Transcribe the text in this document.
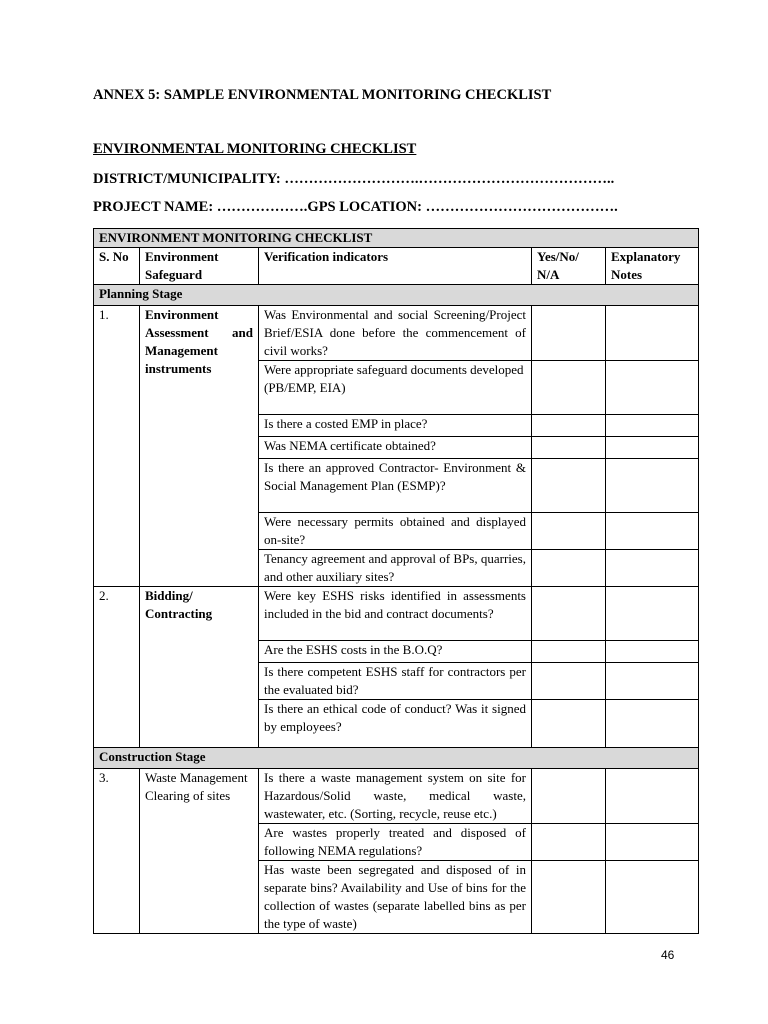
ANNEX 5: SAMPLE ENVIRONMENTAL MONITORING CHECKLIST
ENVIRONMENTAL MONITORING CHECKLIST
DISTRICT/MUNICIPALITY: ……………………….…………………………………..
PROJECT NAME: ……………….GPS LOCATION: ………………………………….
ENVIRONMENT MONITORING CHECKLIST				
S. No	Environment Safeguard	Verification indicators	Yes/No/ N/A	Explanatory Notes
Planning Stage				
1.	Environment Assessment and Management instruments	Was Environmental and social Screening/Project Brief/ESIA done before the commencement of civil works?		

		Were appropriate safeguard documents developed
(PB/EMP, EIA)		

		Is there a costed EMP in place?		
		Was NEMA certificate obtained?		
		Is there an approved Contractor- Environment & Social Management Plan (ESMP)?		
		Were necessary permits obtained and displayed on-site?		
		Tenancy agreement and approval of BPs, quarries, and other auxiliary sites?		
2.	Bidding/ Contracting	Were key ESHS risks identified in assessments included in the bid and contract documents?		
		Are the ESHS costs in the B.O.Q?		
		Is there competent ESHS staff for contractors per the evaluated bid?		
		Is there an ethical code of conduct? Was it signed by employees?		
Construction Stage				
3.	Waste Management Clearing of sites	Is there a waste management system on site for Hazardous/Solid waste, medical waste, wastewater, etc. (Sorting, recycle, reuse etc.)		
		Are wastes properly treated and disposed of following NEMA regulations?		
		Has waste been segregated and disposed of in separate bins? Availability and Use of bins for the collection of wastes (separate labelled bins as per the type of waste)		
46
